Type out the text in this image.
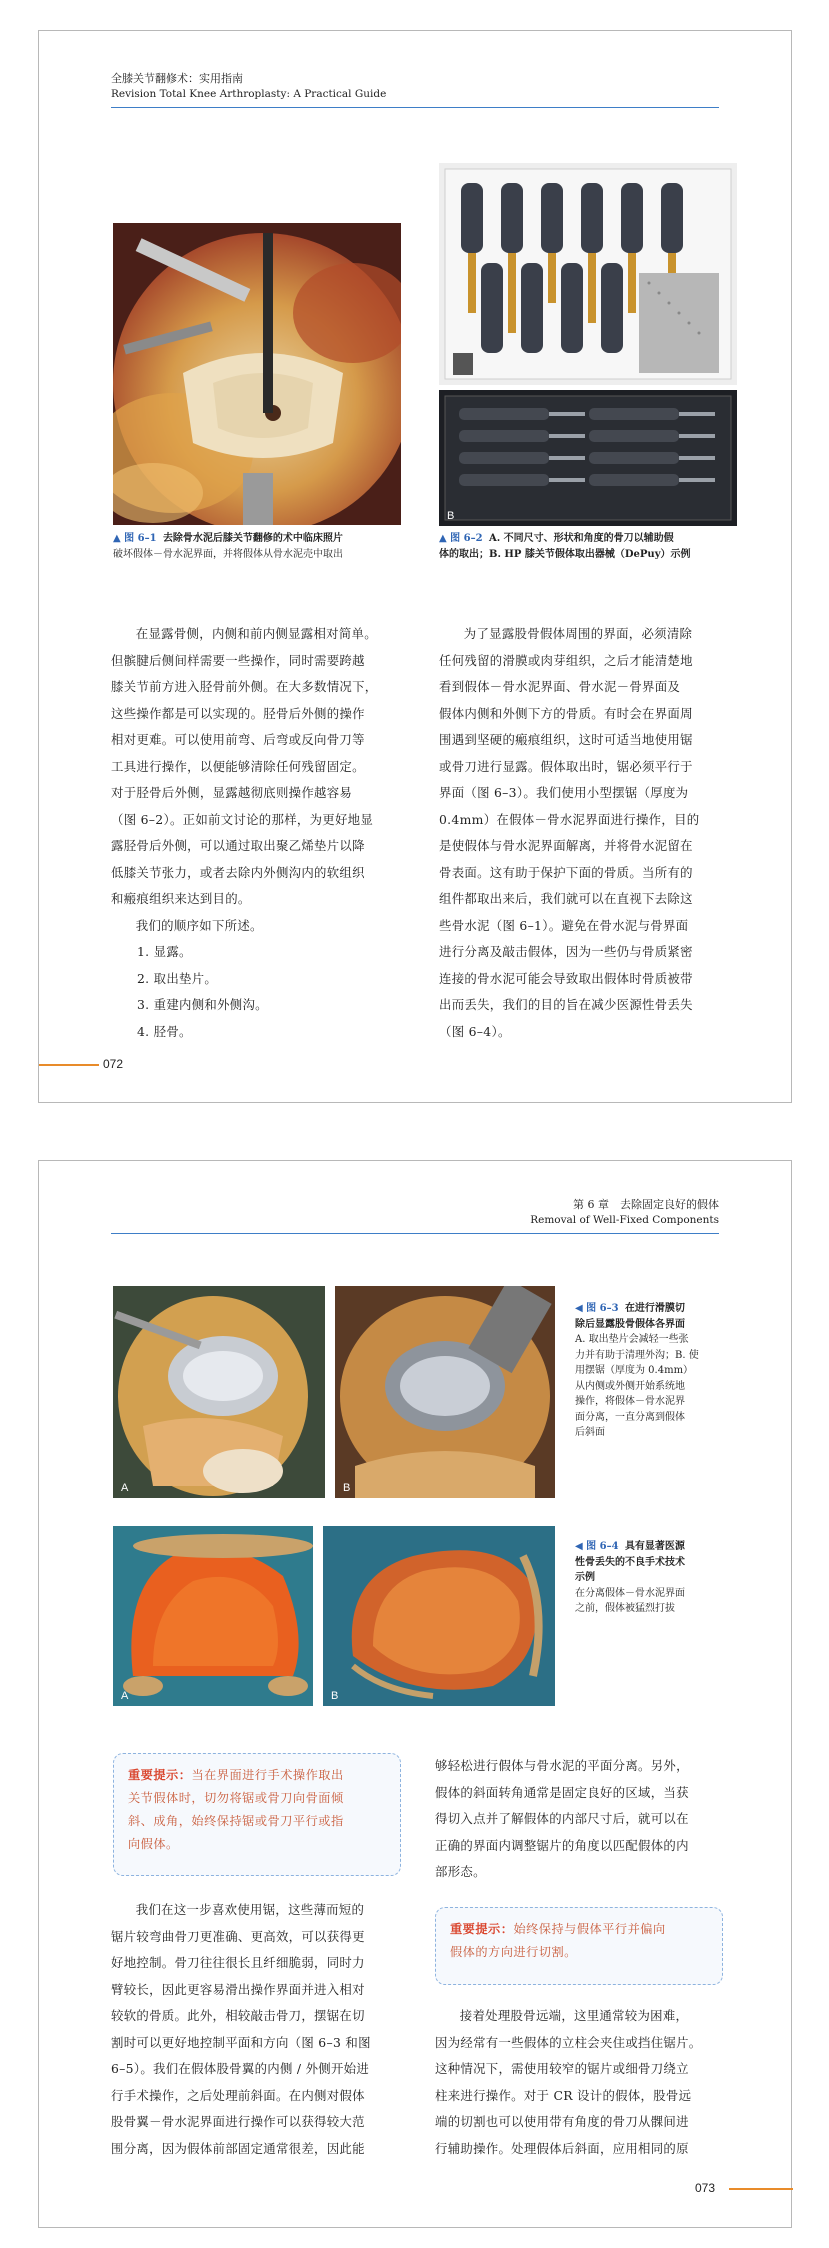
全膝关节翻修术：实用指南
Revision Total Knee Arthroplasty: A Practical Guide
▲ 图 6–1 去除骨水泥后膝关节翻修的术中临床照片
破坏假体－骨水泥界面，并将假体从骨水泥売中取出
B
▲ 图 6–2 A. 不同尺寸、形状和角度的骨刀以辅助假
体的取出；B. HP 膝关节假体取出器械（DePuy）示例

在显露骨侧，内侧和前内侧显露相对简单。

但髌腱后侧间样需要一些操作，同时需要跨越

膝关节前方进入胫骨前外侧。在大多数情况下，

这些操作都是可以实现的。胫骨后外侧的操作

相对更难。可以使用前弯、后弯或反向骨刀等

工具进行操作，以便能够清除任何残留固定。

对于胫骨后外侧，显露越彻底则操作越容易

（图 6–2）。正如前文讨论的那样，为更好地显

露胫骨后外侧，可以通过取出聚乙烯垫片以降

低膝关节张力，或者去除内外侧沟内的软组织

和瘢痕组织来达到目的。

我们的顺序如下所述。

1. 显露。

2. 取出垫片。

3. 重建内侧和外侧沟。

4. 胫骨。

为了显露股骨假体周围的界面，必须清除

任何残留的滑膜或肉芽组织，之后才能清楚地

看到假体－骨水泥界面、骨水泥－骨界面及

假体内侧和外侧下方的骨质。有时会在界面周

围遇到坚硬的瘢痕组织，这时可适当地使用锯

或骨刀进行显露。假体取出时，锯必须平行于

界面（图 6–3）。我们使用小型摆锯（厚度为

0.4mm）在假体－骨水泥界面进行操作，目的

是使假体与骨水泥界面解离，并将骨水泥留在

骨表面。这有助于保护下面的骨质。当所有的

组件都取出来后，我们就可以在直视下去除这

些骨水泥（图 6–1）。避免在骨水泥与骨界面

进行分离及敲击假体，因为一些仍与骨质紧密

连接的骨水泥可能会导致取出假体时骨质被带

出而丢失，我们的目的旨在减少医源性骨丢失

（图 6–4）。

072
第 6 章　去除固定良好的假体
Removal of Well-Fixed Components
A	B
◀ 图 6–3 在进行滑膜切
除后显露股骨假体各界面
A. 取出垫片会减轻一些张
力并有助于清理外沟；B. 使
用摆锯（厚度为 0.4mm）
从内侧或外侧开始系统地
操作，将假体－骨水泥界
面分离，一直分离到假体
后斜面
A	B
◀ 图 6–4 具有显著医源
性骨丢失的不良手术技术
示例
在分离假体－骨水泥界面
之前，假体被猛烈打拔
重要提示：当在界面进行手术操作取出
关节假体时，切勿将锯或骨刀向骨面倾
斜、成角，始终保持锯或骨刀平行或指
向假体。

我们在这一步喜欢使用锯，这些薄而短的

锯片较弯曲骨刀更准确、更高效，可以获得更

好地控制。骨刀往往很长且纤细脆弱，同时力

臂较长，因此更容易滑出操作界面并进入相对

较软的骨质。此外，相较敲击骨刀，摆锯在切

割时可以更好地控制平面和方向（图 6–3 和图

6–5）。我们在假体股骨翼的内侧 / 外侧开始进

行手术操作，之后处理前斜面。在内侧对假体

股骨翼－骨水泥界面进行操作可以获得较大范

围分离，因为假体前部固定通常很差，因此能

够轻松进行假体与骨水泥的平面分离。另外，

假体的斜面转角通常是固定良好的区域，当获

得切入点并了解假体的内部尺寸后，就可以在

正确的界面内调整锯片的角度以匹配假体的内

部形态。

重要提示：始终保持与假体平行并偏向
假体的方向进行切割。

接着处理股骨远端，这里通常较为困难，

因为经常有一些假体的立柱会夹住或挡住锯片。

这种情况下，需使用较窄的锯片或细骨刀绕立

柱来进行操作。对于 CR 设计的假体，股骨远

端的切割也可以使用带有角度的骨刀从髁间进

行辅助操作。处理假体后斜面，应用相同的原

073
